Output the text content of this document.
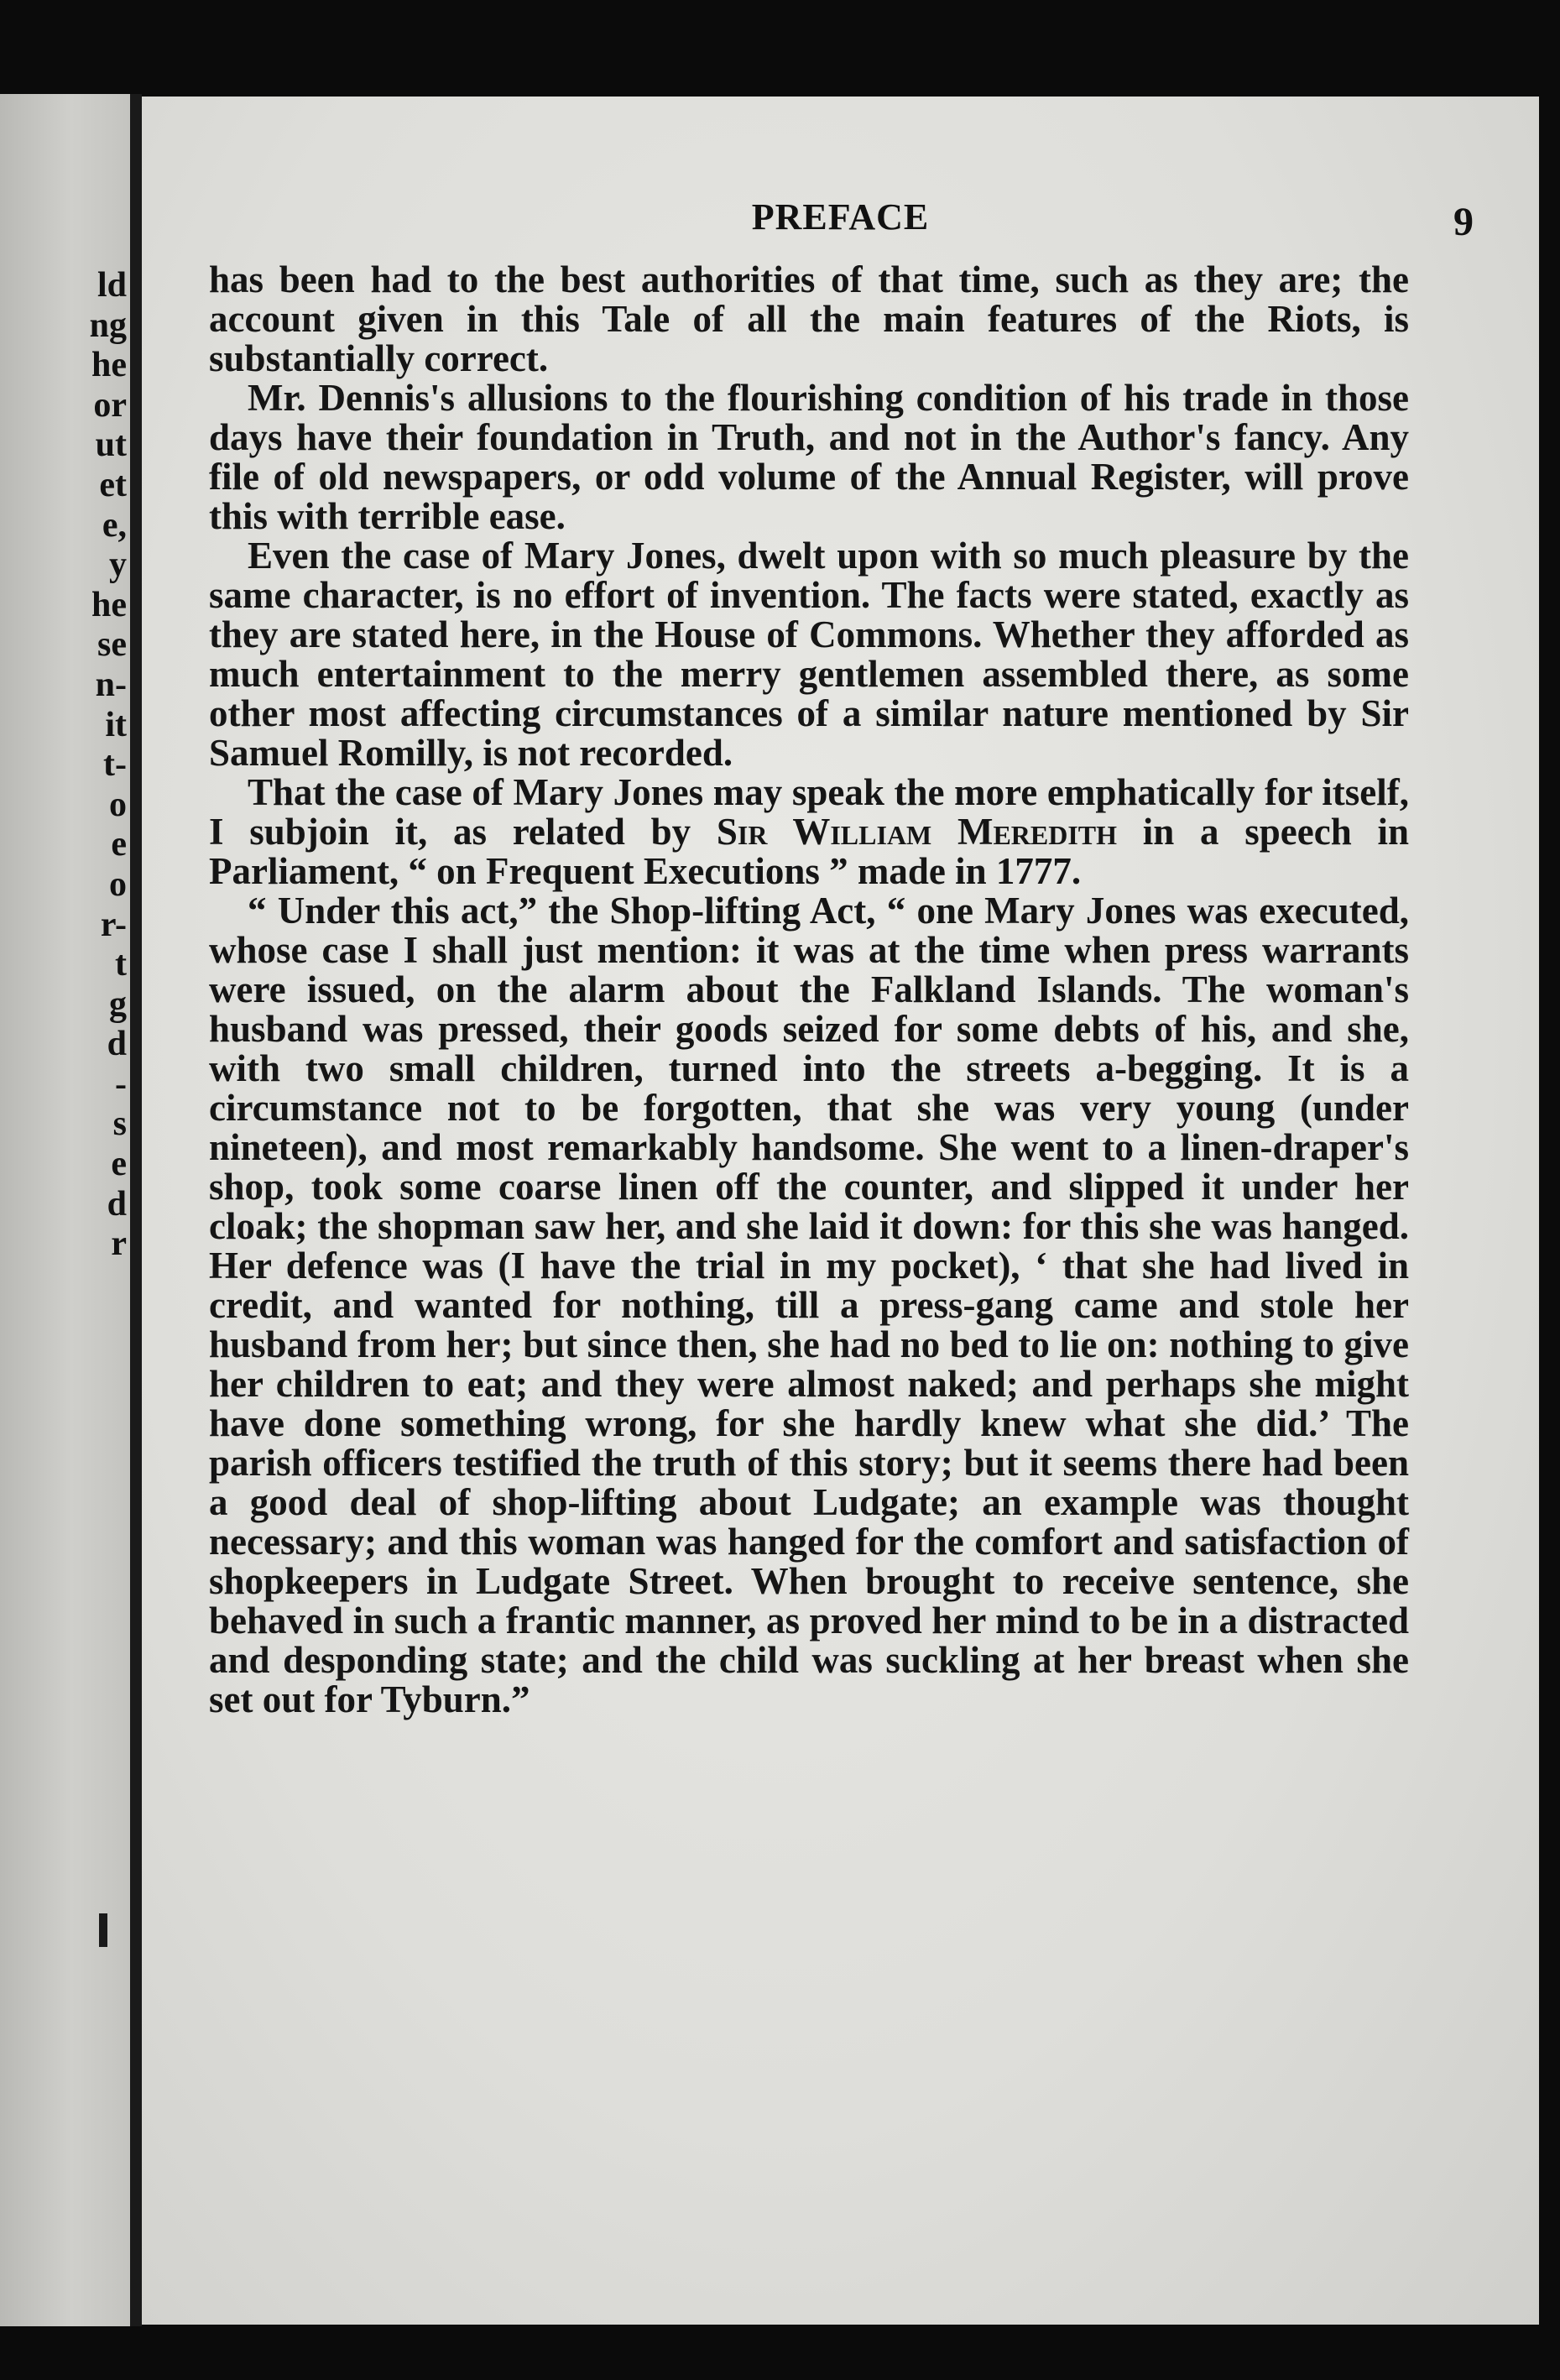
ld
ng
he
or
ut
et
e,
y
he
se
n-
it
t-
o
e
o
r-
t
g
d
-
s
e
d
r
PREFACE	9

has been had to the best authorities of that time, such as they are; the account given in this Tale of all the main features of the Riots, is substantially correct.

Mr. Dennis's allusions to the flourishing condition of his trade in those days have their foundation in Truth, and not in the Author's fancy. Any file of old newspapers, or odd volume of the Annual Register, will prove this with terrible ease.

Even the case of Mary Jones, dwelt upon with so much pleasure by the same character, is no effort of invention. The facts were stated, exactly as they are stated here, in the House of Commons. Whether they afforded as much entertainment to the merry gentlemen assembled there, as some other most affecting circumstances of a similar nature mentioned by Sir Samuel Romilly, is not recorded.

That the case of Mary Jones may speak the more emphatically for itself, I subjoin it, as related by Sir William Meredith in a speech in Parliament, “ on Frequent Executions ” made in 1777.

“ Under this act,” the Shop-lifting Act, “ one Mary Jones was executed, whose case I shall just mention: it was at the time when press warrants were issued, on the alarm about the Falkland Islands. The woman's husband was pressed, their goods seized for some debts of his, and she, with two small children, turned into the streets a-begging. It is a circumstance not to be forgotten, that she was very young (under nineteen), and most remarkably handsome. She went to a linen-draper's shop, took some coarse linen off the counter, and slipped it under her cloak; the shopman saw her, and she laid it down: for this she was hanged. Her defence was (I have the trial in my pocket), ‘ that she had lived in credit, and wanted for nothing, till a press-gang came and stole her husband from her; but since then, she had no bed to lie on: nothing to give her children to eat; and they were almost naked; and perhaps she might have done something wrong, for she hardly knew what she did.’ The parish officers testified the truth of this story; but it seems there had been a good deal of shop-lifting about Ludgate; an example was thought necessary; and this woman was hanged for the comfort and satisfaction of shopkeepers in Ludgate Street. When brought to receive sentence, she behaved in such a frantic manner, as proved her mind to be in a distracted and desponding state; and the child was suckling at her breast when she set out for Tyburn.”
